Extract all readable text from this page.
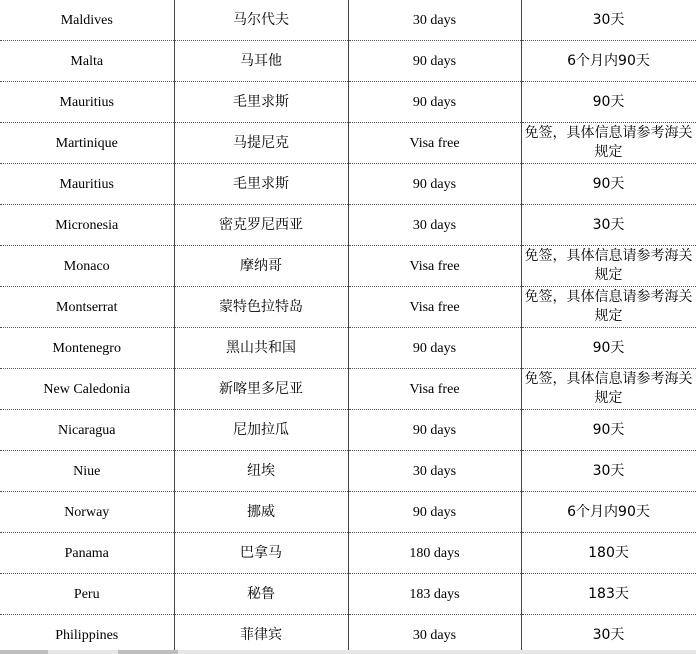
Maldives	马尔代夫	30 days	30天
Malta	马耳他	90 days	6个月内90天
Mauritius	毛里求斯	90 days	90天
Martinique	马提尼克	Visa free	免签，具体信息请参考海关规定
Mauritius	毛里求斯	90 days	90天
Micronesia	密克罗尼西亚	30 days	30天
Monaco	摩纳哥	Visa free	免签，具体信息请参考海关规定
Montserrat	蒙特色拉特岛	Visa free	免签，具体信息请参考海关规定
Montenegro	黑山共和国	90 days	90天
New Caledonia	新喀里多尼亚	Visa free	免签，具体信息请参考海关规定
Nicaragua	尼加拉瓜	90 days	90天
Niue	纽埃	30 days	30天
Norway	挪威	90 days	6个月内90天
Panama	巴拿马	180 days	180天
Peru	秘鲁	183 days	183天
Philippines	菲律宾	30 days	30天
